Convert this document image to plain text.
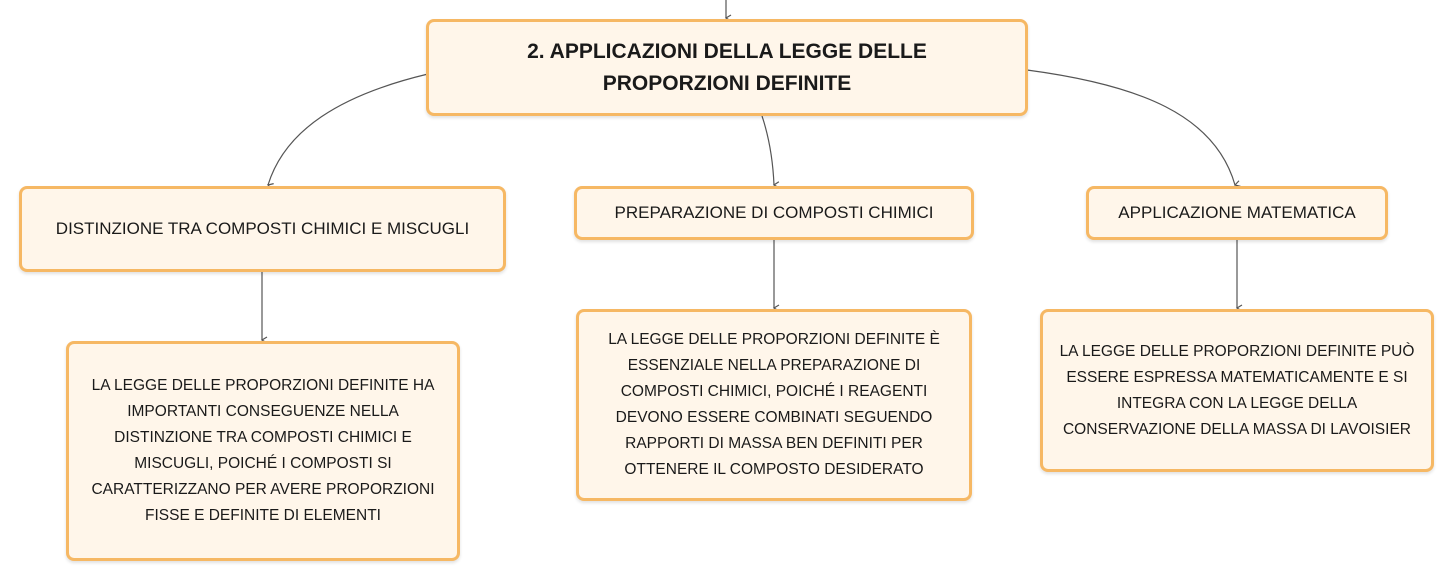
2. APPLICAZIONI DELLA LEGGE DELLE PROPORZIONI DEFINITE
DISTINZIONE TRA COMPOSTI CHIMICI E MISCUGLI
PREPARAZIONE DI COMPOSTI CHIMICI	APPLICAZIONE MATEMATICA
LA LEGGE DELLE PROPORZIONI DEFINITE HA IMPORTANTI CONSEGUENZE NELLA DISTINZIONE TRA COMPOSTI CHIMICI E MISCUGLI, POICHÉ I COMPOSTI SI CARATTERIZZANO PER AVERE PROPORZIONI FISSE E DEFINITE DI ELEMENTI
LA LEGGE DELLE PROPORZIONI DEFINITE È ESSENZIALE NELLA PREPARAZIONE DI COMPOSTI CHIMICI, POICHÉ I REAGENTI DEVONO ESSERE COMBINATI SEGUENDO RAPPORTI DI MASSA BEN DEFINITI PER OTTENERE IL COMPOSTO DESIDERATO
LA LEGGE DELLE PROPORZIONI DEFINITE PUÒ ESSERE ESPRESSA MATEMATICAMENTE E SI INTEGRA CON LA LEGGE DELLA CONSERVAZIONE DELLA MASSA DI LAVOISIER
